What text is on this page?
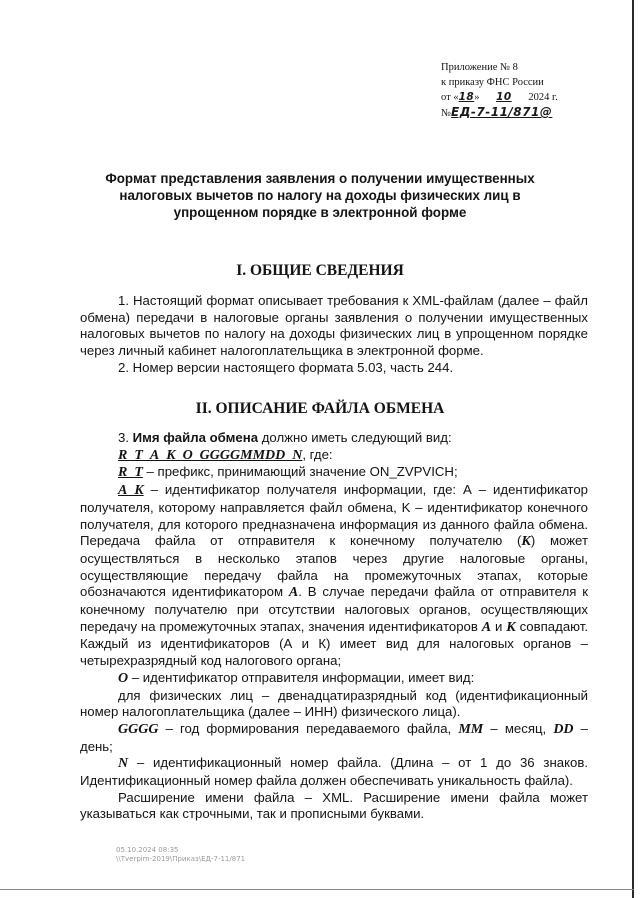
Приложение № 8
к приказу ФНС России
от «18» 10 2024 г.
№ЕД-7-11/871@
Формат представления заявления о получении имущественных
налоговых вычетов по налогу на доходы физических лиц в
упрощенном порядке в электронной форме
I. ОБЩИЕ СВЕДЕНИЯ

1. Настоящий формат описывает требования к XML-файлам (далее – файл обмена) передачи в налоговые органы заявления о получении имущественных налоговых вычетов по налогу на доходы физических лиц в упрощенном порядке через личный кабинет налогоплательщика в электронной форме.

2. Номер версии настоящего формата 5.03, часть 244.

II. ОПИСАНИЕ ФАЙЛА ОБМЕНА

3. Имя файла обмена должно иметь следующий вид:

R_T_A_K_O_GGGGMMDD_N, где:

R_T – префикс, принимающий значение ON_ZVPVICH;

A_K – идентификатор получателя информации, где: А – идентификатор получателя, которому направляется файл обмена, K – идентификатор конечного получателя, для которого предназначена информация из данного файла обмена. Передача файла от отправителя к конечному получателю (К) может осуществляться в несколько этапов через другие налоговые органы, осуществляющие передачу файла на промежуточных этапах, которые обозначаются идентификатором А. В случае передачи файла от отправителя к конечному получателю при отсутствии налоговых органов, осуществляющих передачу на промежуточных этапах, значения идентификаторов А и К совпадают. Каждый из идентификаторов (А и К) имеет вид для налоговых органов – четырехразрядный код налогового органа;

О – идентификатор отправителя информации, имеет вид:

для физических лиц – двенадцатиразрядный код (идентификационный номер налогоплательщика (далее – ИНН) физического лица).

GGGG – год формирования передаваемого файла, MM – месяц, DD – день;

N – идентификационный номер файла. (Длина – от 1 до 36 знаков. Идентификационный номер файла должен обеспечивать уникальность файла).

Расширение имени файла – XML. Расширение имени файла может указываться как строчными, так и прописными буквами.

05.10.2024 08:35
\\Tverpim-2019\Приказ\ЕД-7-11/871
